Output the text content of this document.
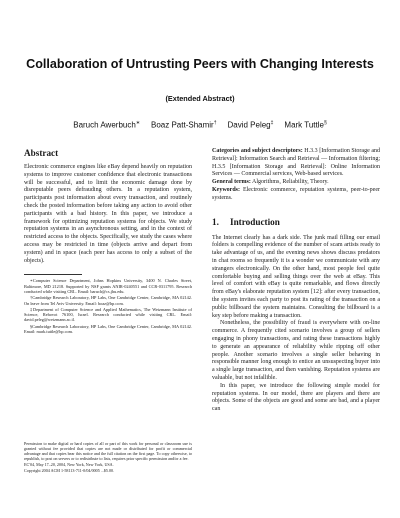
Collaboration of Untrusting Peers with Changing Interests
(Extended Abstract)
Baruch Awerbuch∗ Boaz Patt-Shamir† David Peleg‡ Mark Tuttle§
Abstract

Electronic commerce engines like eBay depend heavily on reputation systems to improve customer confidence that electronic transactions will be successful, and to limit the economic damage done by disreputable peers defrauding others. In a reputation system, participants post information about every transaction, and routinely check the posted information before taking any action to avoid other participants with a bad history. In this paper, we introduce a framework for optimizing reputation systems for objects. We study reputation systems in an asynchronous setting, and in the context of restricted access to the objects. Specifically, we study the cases where access may be restricted in time (objects arrive and depart from system) and in space (each peer has access to only a subset of the objects).

∗Computer Science Department, Johns Hopkins University, 3400 N. Charles Street, Baltimore, MD 21218. Supported by NSF grants ANIR-0240551 and CCR-0311795. Research conducted while visiting CRL. Email: baruch@cs.jhu.edu.

†Cambridge Research Laboratory, HP Labs, One Cambridge Center, Cambridge, MA 02142. On leave from Tel Aviv University. Email: boaz@hp.com.

‡Department of Computer Science and Applied Mathematics, The Weizmann Institute of Science, Rehovot 76100, Israel. Research conducted while visiting CRL. Email: david.peleg@weizmann.ac.il.

§Cambridge Research Laboratory, HP Labs, One Cambridge Center, Cambridge, MA 02142. Email: mark.tuttle@hp.com.

Permission to make digital or hard copies of all or part of this work for personal or classroom use is granted without fee provided that copies are not made or distributed for profit or commercial advantage and that copies bear this notice and the full citation on the first page. To copy otherwise, to republish, to post on servers or to redistribute to lists, requires prior specific permission and/or a fee.

EC'04, May 17–20, 2004, New York, New York, USA.

Copyright 2004 ACM 1-58113-711-0/04/0005 ...$5.00.

Categories and subject descriptors: H.3.3 [Information Storage and Retrieval]: Information Search and Retrieval — Information filtering; H.3.5 [Information Storage and Retrieval]: Online Information Services — Commercial services, Web-based services.

General terms: Algorithms, Reliability, Theory.

Keywords: Electronic commerce, reputation systems, peer-to-peer systems.

1. Introduction

The Internet clearly has a dark side. The junk mail filling our email folders is compelling evidence of the number of scam artists ready to take advantage of us, and the evening news shows discuss predators in chat rooms so frequently it is a wonder we communicate with any strangers electronically. On the other hand, most people feel quite comfortable buying and selling things over the web at eBay. This level of comfort with eBay is quite remarkable, and flows directly from eBay's elaborate reputation system [12]: after every transaction, the system invites each party to post its rating of the transaction on a public billboard the system maintains. Consulting the billboard is a key step before making a transaction.

Nonetheless, the possibility of fraud is everywhere with on-line commerce. A frequently cited scenario involves a group of sellers engaging in phony transactions, and rating these transactions highly to generate an appearance of reliability while ripping off other people. Another scenario involves a single seller behaving in responsible manner long enough to entice an unsuspecting buyer into a single large transaction, and then vanishing. Reputation systems are valuable, but not infallible.

In this paper, we introduce the following simple model for reputation systems. In our model, there are players and there are objects. Some of the objects are good and some are bad, and a player can
